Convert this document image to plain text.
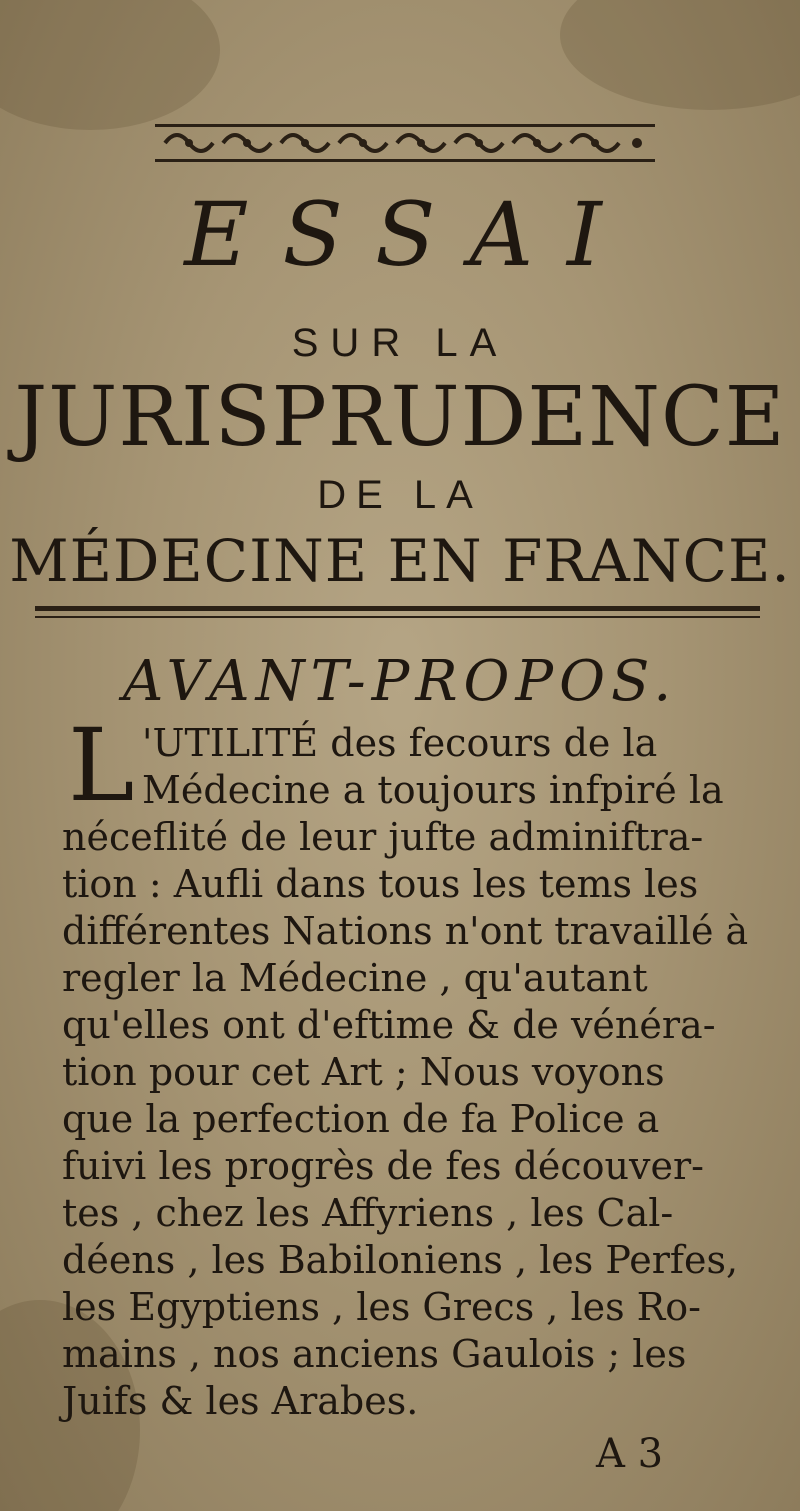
ESSAI
SUR LA
JURISPRUDENCE
DE LA
MÉDECINE EN FRANCE.
AVANT-PROPOS.
L 'UTILITÉ des fecours de la
Médecine a toujours infpiré la
néceflité de leur jufte adminiftra-
tion : Aufli dans tous les tems les
différentes Nations n'ont travaillé à
regler la Médecine , qu'autant
qu'elles ont d'eftime & de vénéra-
tion pour cet Art ; Nous voyons
que la perfection de fa Police a
fuivi les progrès de fes découver-
tes , chez les Affyriens , les Cal-
déens , les Babiloniens , les Perfes,
les Egyptiens , les Grecs , les Ro-
mains , nos anciens Gaulois ; les
Juifs & les Arabes.
A 3
